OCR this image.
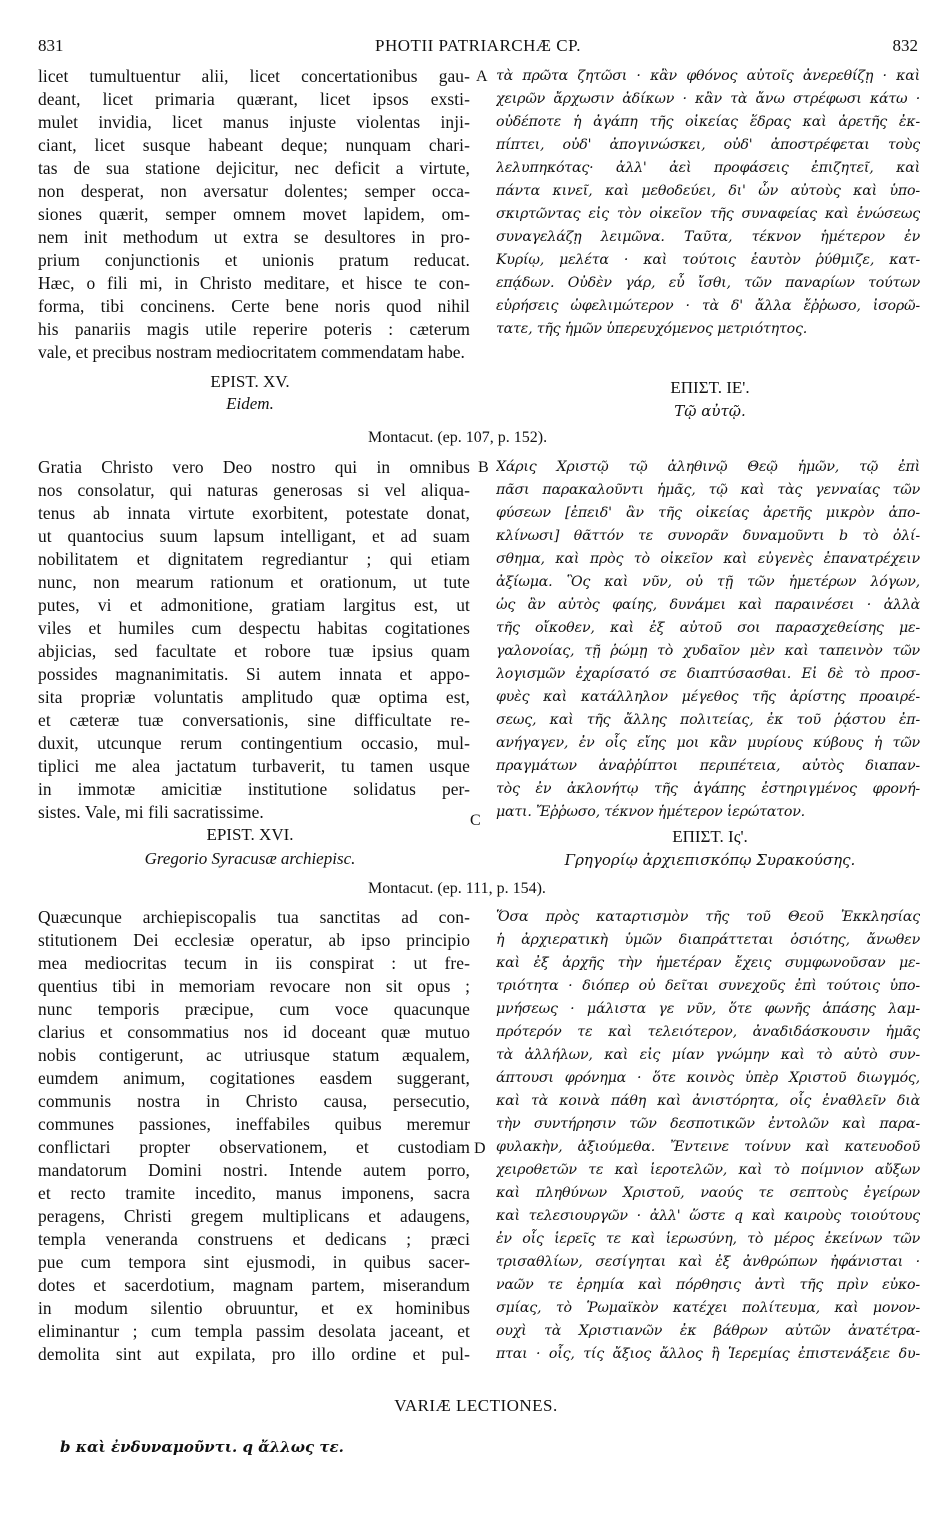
831	PHOTII PATRIARCHÆ CP.	832
licet tumultuentur alii, licet concertationibus gau-
deant, licet primaria quærant, licet ipsos exsti-
mulet invidia, licet manus injuste violentas inji-
ciant, licet susque habeant deque; nunquam chari-
tas de sua statione dejicitur, nec deficit a virtute,
non desperat, non aversatur dolentes; semper occa-
siones quærit, semper omnem movet lapidem, om-
nem init methodum ut extra se desultores in pro-
prium conjunctionis et unionis pratum reducat.
Hæc, o fili mi, in Christo meditare, et hisce te con-
forma, tibi concinens. Certe bene noris quod nihil
his panariis magis utile reperire poteris : cæterum
τὰ πρῶτα ζητῶσι · κἂν φθόνος αὐτοῖς ἀνερεθίζῃ · καὶ
χειρῶν ἄρχωσιν ἀδίκων · κἂν τὰ ἄνω στρέφωσι κάτω ·
οὐδέποτε ἡ ἀγάπη τῆς οἰκείας ἕδρας καὶ ἀρετῆς ἐκ-
πίπτει, οὐδ' ἀπογινώσκει, οὐδ' ἀποστρέφεται τοὺς
λελυπηκότας· ἀλλ' ἀεὶ προφάσεις ἐπιζητεῖ, καὶ
πάντα κινεῖ, καὶ μεθοδεύει, δι' ὧν αὐτοὺς καὶ ὑπο-
σκιρτῶντας εἰς τὸν οἰκεῖον τῆς συναφείας καὶ ἑνώσεως
συναγελάζῃ λειμῶνα. Ταῦτα, τέκνον ἡμέτερον ἐν
Κυρίῳ, μελέτα · καὶ τούτοις ἑαυτὸν ῥύθμιζε, κατ-
επᾴδων. Οὐδὲν γάρ, εὖ ἴσθι, τῶν παναρίων τούτων
εὑρήσεις ὠφελιμώτερον · τὰ δ' ἄλλα ἔῤῥωσο, ἰσορῶ-
τατε, τῆς ἡμῶν ὑπερευχόμενος μετριότητος.
A
vale, et precibus nostram mediocritatem commendatam habe.
EPIST. XV.
Eidem.
ΕΠΙΣΤ. ΙΕ'.
Τῷ αὐτῷ.
Montacut. (ep. 107, p. 152).
Gratia Christo vero Deo nostro qui in omnibus
nos consolatur, qui naturas generosas si vel aliqua-
tenus ab innata virtute exorbitent, potestate donat,
ut quantocius suum lapsum intelligant, et ad suam
nobilitatem et dignitatem regrediantur ; qui etiam
nunc, non mearum rationum et orationum, ut tute
putes, vi et admonitione, gratiam largitus est, ut
viles et humiles cum despectu habitas cogitationes
abjicias, sed facultate et robore tuæ ipsius quam
possides magnanimitatis. Si autem innata et appo-
sita propriæ voluntatis amplitudo quæ optima est,
et cæteræ tuæ conversationis, sine difficultate re-
duxit, utcunque rerum contingentium occasio, mul-
tiplici me alea jactatum turbaverit, tu tamen usque
in immotæ amicitiæ institutione solidatus per-
sistes. Vale, mi fili sacratissime.
Χάρις Χριστῷ τῷ ἀληθινῷ Θεῷ ἡμῶν, τῷ ἐπὶ
πᾶσι παρακαλοῦντι ἡμᾶς, τῷ καὶ τὰς γενναίας τῶν
φύσεων [ἐπειδ' ἂν τῆς οἰκείας ἀρετῆς μικρὸν ἀπο-
κλίνωσι] θᾶττόν τε συνορᾶν δυναμοῦντι b τὸ ὀλί-
σθημα, καὶ πρὸς τὸ οἰκεῖον καὶ εὐγενὲς ἐπανατρέχειν
ἀξίωμα. Ὃς καὶ νῦν, οὐ τῇ τῶν ἡμετέρων λόγων,
ὡς ἂν αὐτὸς φαίης, δυνάμει καὶ παραινέσει · ἀλλὰ
τῆς οἴκοθεν, καὶ ἐξ αὐτοῦ σοι παρασχεθείσης με-
γαλονοίας, τῇ ῥώμῃ τὸ χυδαῖον μὲν καὶ ταπεινὸν τῶν
λογισμῶν ἐχαρίσατό σε διαπτύσασθαι. Εἰ δὲ τὸ προσ-
φυὲς καὶ κατάλληλον μέγεθος τῆς ἀρίστης προαιρέ-
σεως, καὶ τῆς ἄλλης πολιτείας, ἐκ τοῦ ῥᾴστου ἐπ-
ανήγαγεν, ἐν οἷς εἴης μοι κἂν μυρίους κύβους ἡ τῶν
πραγμάτων ἀναῤῥίπτοι περιπέτεια, αὐτὸς διαπαν-
τὸς ἐν ἀκλονήτῳ τῆς ἀγάπης ἐστηριγμένος φρονή-
ματι. Ἔῤῥωσο, τέκνον ἡμέτερον ἱερώτατον.
B
C
EPIST. XVI.
Gregorio Syracusæ archiepisc.
ΕΠΙΣΤ. Ις'.
Γρηγορίῳ ἀρχιεπισκόπῳ Συρακούσης.
Montacut. (ep. 111, p. 154).
Quæcunque archiepiscopalis tua sanctitas ad con-
stitutionem Dei ecclesiæ operatur, ab ipso principio
mea mediocritas tecum in iis conspirat : ut fre-
quentius tibi in memoriam revocare non sit opus ;
nunc temporis præcipue, cum voce quacunque
clarius et consommatius nos id doceant quæ mutuo
nobis contigerunt, ac utriusque statum æqualem,
eumdem animum, cogitationes easdem suggerant,
communis nostra in Christo causa, persecutio,
communes passiones, ineffabiles quibus meremur
conflictari propter observationem, et custodiam
mandatorum Domini nostri. Intende autem porro,
et recto tramite incedito, manus imponens, sacra
peragens, Christi gregem multiplicans et adaugens,
templa veneranda construens et dedicans ; præci
pue cum tempora sint ejusmodi, in quibus sacer-
dotes et sacerdotium, magnam partem, miserandum
in modum silentio obruuntur, et ex hominibus
eliminantur ; cum templa passim desolata jaceant, et
demolita sint aut expilata, pro illo ordine et pul-
Ὅσα πρὸς καταρτισμὸν τῆς τοῦ Θεοῦ Ἐκκλησίας
ἡ ἀρχιερατικὴ ὑμῶν διαπράττεται ὁσιότης, ἄνωθεν
καὶ ἐξ ἀρχῆς τὴν ἡμετέραν ἔχεις συμφωνοῦσαν με-
τριότητα · διόπερ οὐ δεῖται συνεχοῦς ἐπὶ τούτοις ὑπο-
μνήσεως · μάλιστα γε νῦν, ὅτε φωνῆς ἁπάσης λαμ-
πρότερόν τε καὶ τελειότερον, ἀναδιδάσκουσιν ἡμᾶς
τὰ ἀλλήλων, καὶ εἰς μίαν γνώμην καὶ τὸ αὐτὸ συν-
άπτουσι φρόνημα · ὅτε κοινὸς ὑπὲρ Χριστοῦ διωγμός,
καὶ τὰ κοινὰ πάθη καὶ ἀνιστόρητα, οἷς ἐναθλεῖν διὰ
τὴν συντήρησιν τῶν δεσποτικῶν ἐντολῶν καὶ παρα-
φυλακὴν, ἀξιούμεθα. Ἔντεινε τοίνυν καὶ κατευοδοῦ
χειροθετῶν τε καὶ ἱεροτελῶν, καὶ τὸ ποίμνιον αὔξων
καὶ πληθύνων Χριστοῦ, ναούς τε σεπτοὺς ἐγείρων
καὶ τελεσιουργῶν · ἀλλ' ὥστε q καὶ καιροὺς τοιούτους
ἐν οἷς ἱερεῖς τε καὶ ἱερωσύνη, τὸ μέρος ἐκείνων τῶν
τρισαθλίων, σεσίγηται καὶ ἐξ ἀνθρώπων ἠφάνισται ·
ναῶν τε ἐρημία καὶ πόρθησις ἀντὶ τῆς πρὶν εὐκο-
σμίας, τὸ Ῥωμαϊκὸν κατέχει πολίτευμα, καὶ μονον-
ουχὶ τὰ Χριστιανῶν ἐκ βάθρων αὐτῶν ἀνατέτρα-
πται · οἷς, τίς ἄξιος ἄλλος ἢ Ἱερεμίας ἐπιστενάξειε δυ-
D
VARIÆ LECTIONES.
b καὶ ἐνδυναμοῦντι. q ἄλλως τε.
